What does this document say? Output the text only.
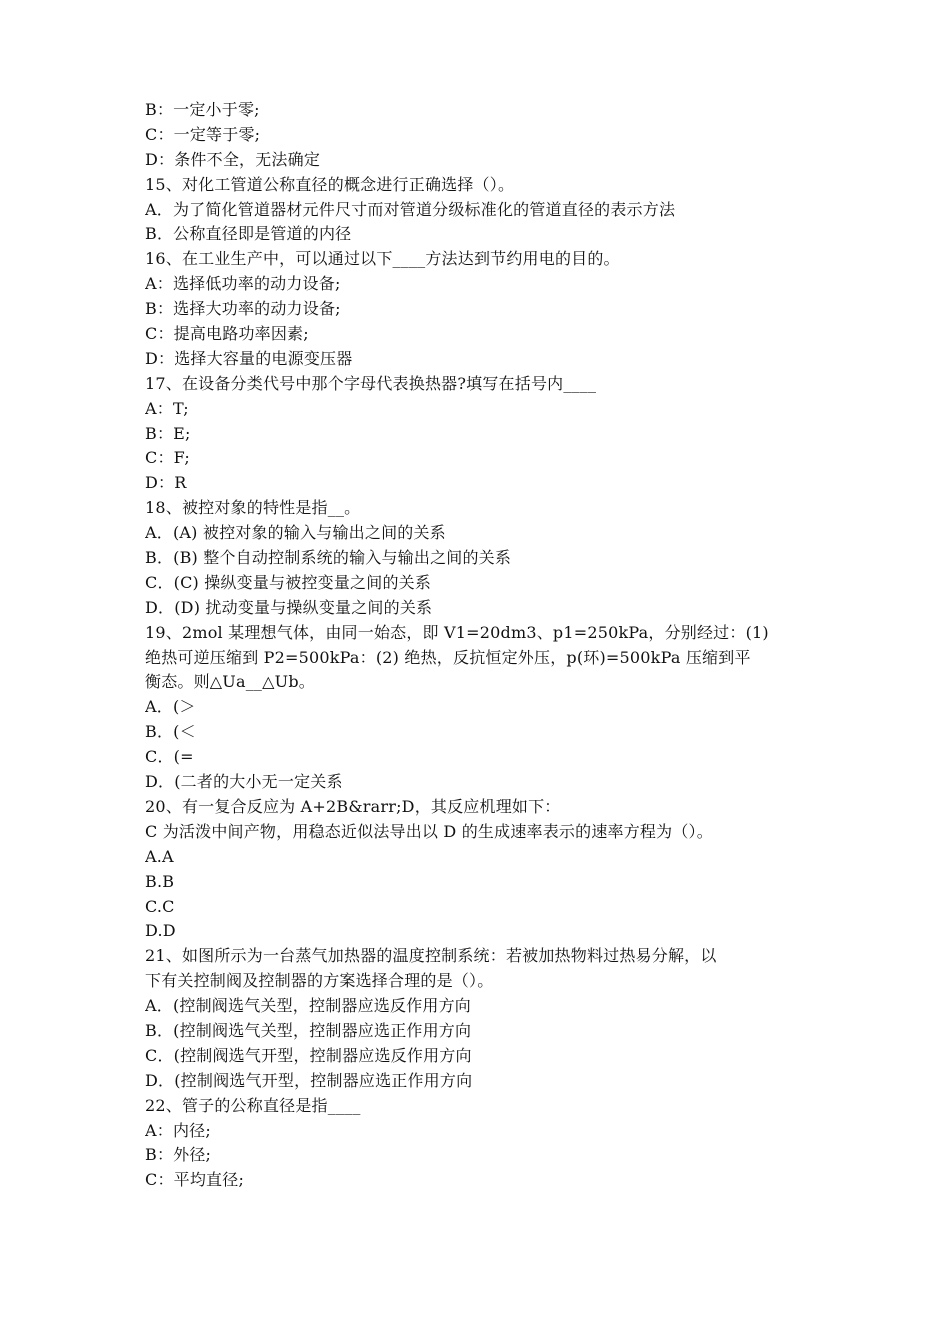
B：一定小于零;
C：一定等于零;
D：条件不全，无法确定
15、对化工管道公称直径的概念进行正确选择（）。
A．为了简化管道器材元件尺寸而对管道分级标准化的管道直径的表示方法
B．公称直径即是管道的内径
16、在工业生产中，可以通过以下____方法达到节约用电的目的。
A：选择低功率的动力设备;
B：选择大功率的动力设备;
C：提高电路功率因素;
D：选择大容量的电源变压器
17、在设备分类代号中那个字母代表换热器?填写在括号内____
A：T;
B：E;
C：F;
D：R
18、被控对象的特性是指__。
A．(A) 被控对象的输入与输出之间的关系
B．(B) 整个自动控制系统的输入与输出之间的关系
C．(C) 操纵变量与被控变量之间的关系
D．(D) 扰动变量与操纵变量之间的关系
19、2mol 某理想气体，由同一始态，即 V1=20dm3、p1=250kPa，分别经过：(1)
绝热可逆压缩到 P2=500kPa：(2) 绝热，反抗恒定外压，p(环)=500kPa 压缩到平
衡态。则△Ua__△Ub。
A．(＞
B．(＜
C．(=
D．(二者的大小无一定关系
20、有一复合反应为 A+2B&rarr;D，其反应机理如下：
C 为活泼中间产物，用稳态近似法导出以 D 的生成速率表示的速率方程为（）。
A.A
B.B
C.C
D.D
21、如图所示为一台蒸气加热器的温度控制系统：若被加热物料过热易分解，以
下有关控制阀及控制器的方案选择合理的是（）。
A．(控制阀选气关型，控制器应选反作用方向
B．(控制阀选气关型，控制器应选正作用方向
C．(控制阀选气开型，控制器应选反作用方向
D．(控制阀选气开型，控制器应选正作用方向
22、管子的公称直径是指____
A：内径;
B：外径;
C：平均直径;
